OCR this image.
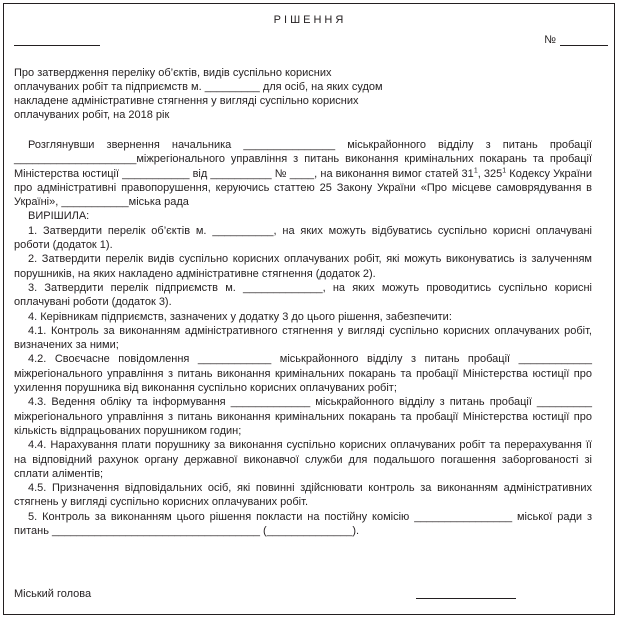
РІШЕННЯ
№
Про затвердження переліку об’єктів, видів суспільно корисних оплачуваних робіт та підприємств м. _________ для осіб, на яких судом накладене адміністративне стягнення у вигляді суспільно корисних оплачуваних робіт, на 2018 рік

Розглянувши звернення начальника _______________ міськрайонного відділу з питань пробації ____________________міжрегіонального управління з питань виконання кримінальних покарань та пробації Міністерства юстиції ___________ від __________ № ____, на виконання вимог статей $31^1$, $325^1$ Кодексу України про адміністративні правопорушення, керуючись статтею 25 Закону України «Про місцеве самоврядування в Україні», ___________міська рада

ВИРІШИЛА:

1. Затвердити перелік об’єктів м. __________, на яких можуть відбуватись суспільно корисні оплачувані роботи (додаток 1).

2. Затвердити перелік видів суспільно корисних оплачуваних робіт, які можуть виконуватись із залученням порушників, на яких накладено адміністративне стягнення (додаток 2).

3. Затвердити перелік підприємств м. _____________, на яких можуть проводитись суспільно корисні оплачувані роботи (додаток 3).

4. Керівникам підприємств, зазначених у додатку 3 до цього рішення, забезпечити:

4.1. Контроль за виконанням адміністративного стягнення у вигляді суспільно корисних оплачуваних робіт, визначених за ними;

4.2. Своєчасне повідомлення ____________ міськрайонного відділу з питань пробації ____________ міжрегіонального управління з питань виконання кримінальних покарань та пробації Міністерства юстиції про ухилення порушника від виконання суспільно корисних оплачуваних робіт;

4.3. Ведення обліку та інформування _____________ міськрайонного відділу з питань пробації _________ міжрегіонального управління з питань виконання кримінальних покарань та пробації Міністерства юстиції про кількість відпрацьованих порушником годин;

4.4. Нарахування плати порушнику за виконання суспільно корисних оплачуваних робіт та перерахування її на відповідний рахунок органу державної виконавчої служби для подальшого погашення заборгованості зі сплати аліментів;

4.5. Призначення відповідальних осіб, які повинні здійснювати контроль за виконанням адміністративних стягнень у вигляді суспільно корисних оплачуваних робіт.

5. Контроль за виконанням цього рішення покласти на постійну комісію ________________ міської ради з питань __________________________________ (______________).

Міський голова
